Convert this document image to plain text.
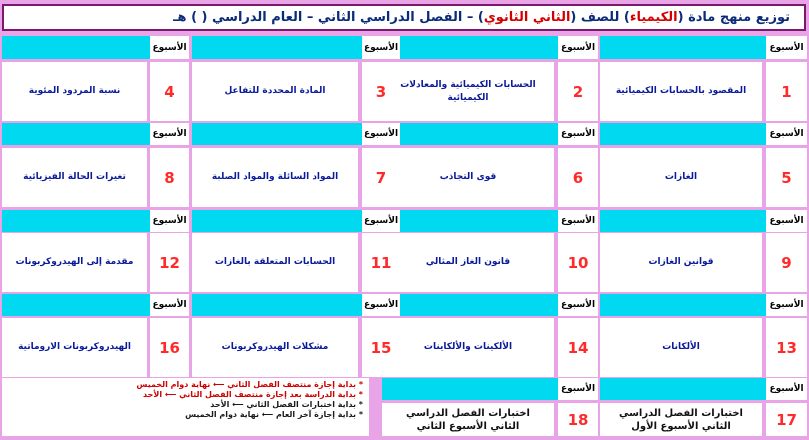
توزيع منهج مادة (الكيمياء) للصف (الثاني الثانوي) – الفصل الدراسي الثاني – العام الدراسي ( ) هـ
الأسبوع
1
المقصود بالحسابات الكيميائية
الأسبوع
2
الحسابات الكيميائية والمعادلات الكيميائية
الأسبوع
3
المادة المحددة للتفاعل
الأسبوع
4
نسبة المردود المئوية
الأسبوع
5
الغازات
الأسبوع
6
قوى التجاذب
الأسبوع
7
المواد السائلة والمواد الصلبة
الأسبوع
8
تغيرات الحالة الفيزيائية
الأسبوع
9
قوانين الغازات
الأسبوع
10
قانون الغاز المثالي
الأسبوع
11
الحسابات المتعلقة بالغازات
الأسبوع
12
مقدمة إلى الهيدروكربونات
الأسبوع
13
الألكانات
الأسبوع
14
الألكينات والألكاينات
الأسبوع
15
مشكلات الهيدروكربونات
الأسبوع
16
الهيدروكربونات الاروماتية
الأسبوع
17
اختبارات الفصل الدراسي الثاني الأسبوع الأول
الأسبوع
18
اختبارات الفصل الدراسي الثاني الأسبوع الثاني
* بداية إجازة منتصف الفصل الثاني ⟵ نهاية دوام الخميس
* بداية الدراسة بعد إجازة منتصف الفصل الثاني ⟵ الأحد
* بداية اختبارات الفصل الثاني ⟵ الأحد
* بداية إجازة آخر العام ⟵ نهاية دوام الخميس
